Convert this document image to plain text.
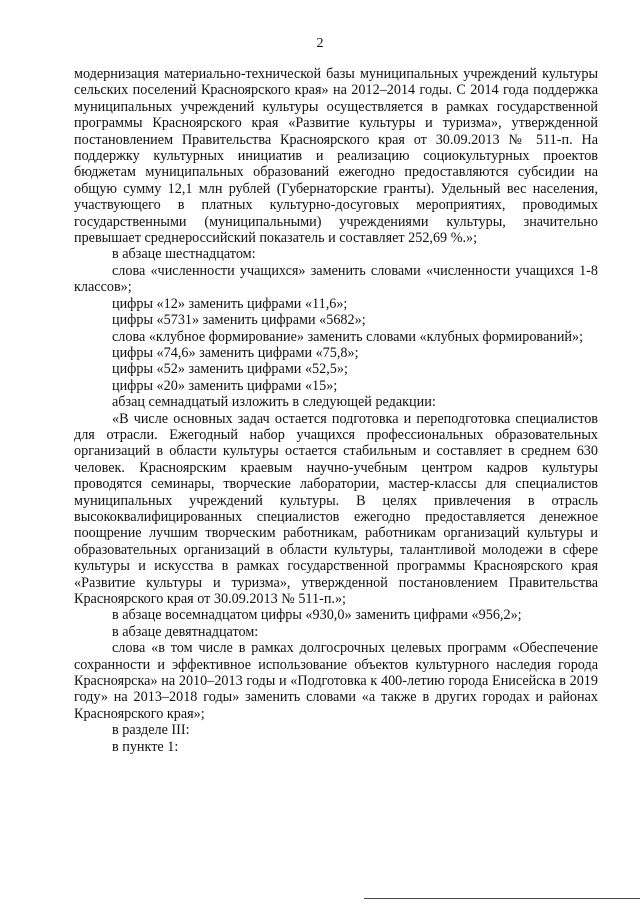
2

модернизация материально-технической базы муниципальных учреждений культуры сельских поселений Красноярского края» на 2012–2014 годы. С 2014 года поддержка муниципальных учреждений культуры осуществляется в рамках государственной программы Красноярского края «Развитие культуры и туризма», утвержденной постановлением Правительства Красноярского края от 30.09.2013 № 511-п. На поддержку культурных инициатив и реализацию социокультурных проектов бюджетам муниципальных образований ежегодно предоставляются субсидии на общую сумму 12,1 млн рублей (Губернаторские гранты). Удельный вес населения, участвующего в платных культурно-досуговых мероприятиях, проводимых государственными (муниципальными) учреждениями культуры, значительно превышает среднероссийский показатель и составляет 252,69 %.»;

в абзаце шестнадцатом:

слова «численности учащихся» заменить словами «численности учащихся 1-8 классов»;

цифры «12» заменить цифрами «11,6»;

цифры «5731» заменить цифрами «5682»;

слова «клубное формирование» заменить словами «клубных формирований»;

цифры «74,6» заменить цифрами «75,8»;

цифры «52» заменить цифрами «52,5»;

цифры «20» заменить цифрами «15»;

абзац семнадцатый изложить в следующей редакции:

«В числе основных задач остается подготовка и переподготовка специалистов для отрасли. Ежегодный набор учащихся профессиональных образовательных организаций в области культуры остается стабильным и составляет в среднем 630 человек. Красноярским краевым научно-учебным центром кадров культуры проводятся семинары, творческие лаборатории, мастер-классы для специалистов муниципальных учреждений культуры. В целях привлечения в отрасль высококвалифицированных специалистов ежегодно предоставляется денежное поощрение лучшим творческим работникам, работникам организаций культуры и образовательных организаций в области культуры, талантливой молодежи в сфере культуры и искусства в рамках государственной программы Красноярского края «Развитие культуры и туризма», утвержденной постановлением Правительства Красноярского края от 30.09.2013 № 511-п.»;

в абзаце восемнадцатом цифры «930,0» заменить цифрами «956,2»;

в абзаце девятнадцатом:

слова «в том числе в рамках долгосрочных целевых программ «Обеспечение сохранности и эффективное использование объектов культурного наследия города Красноярска» на 2010–2013 годы и «Подготовка к 400-летию города Енисейска в 2019 году» на 2013–2018 годы» заменить словами «а также в других городах и районах Красноярского края»;

в разделе III:

в пункте 1:
